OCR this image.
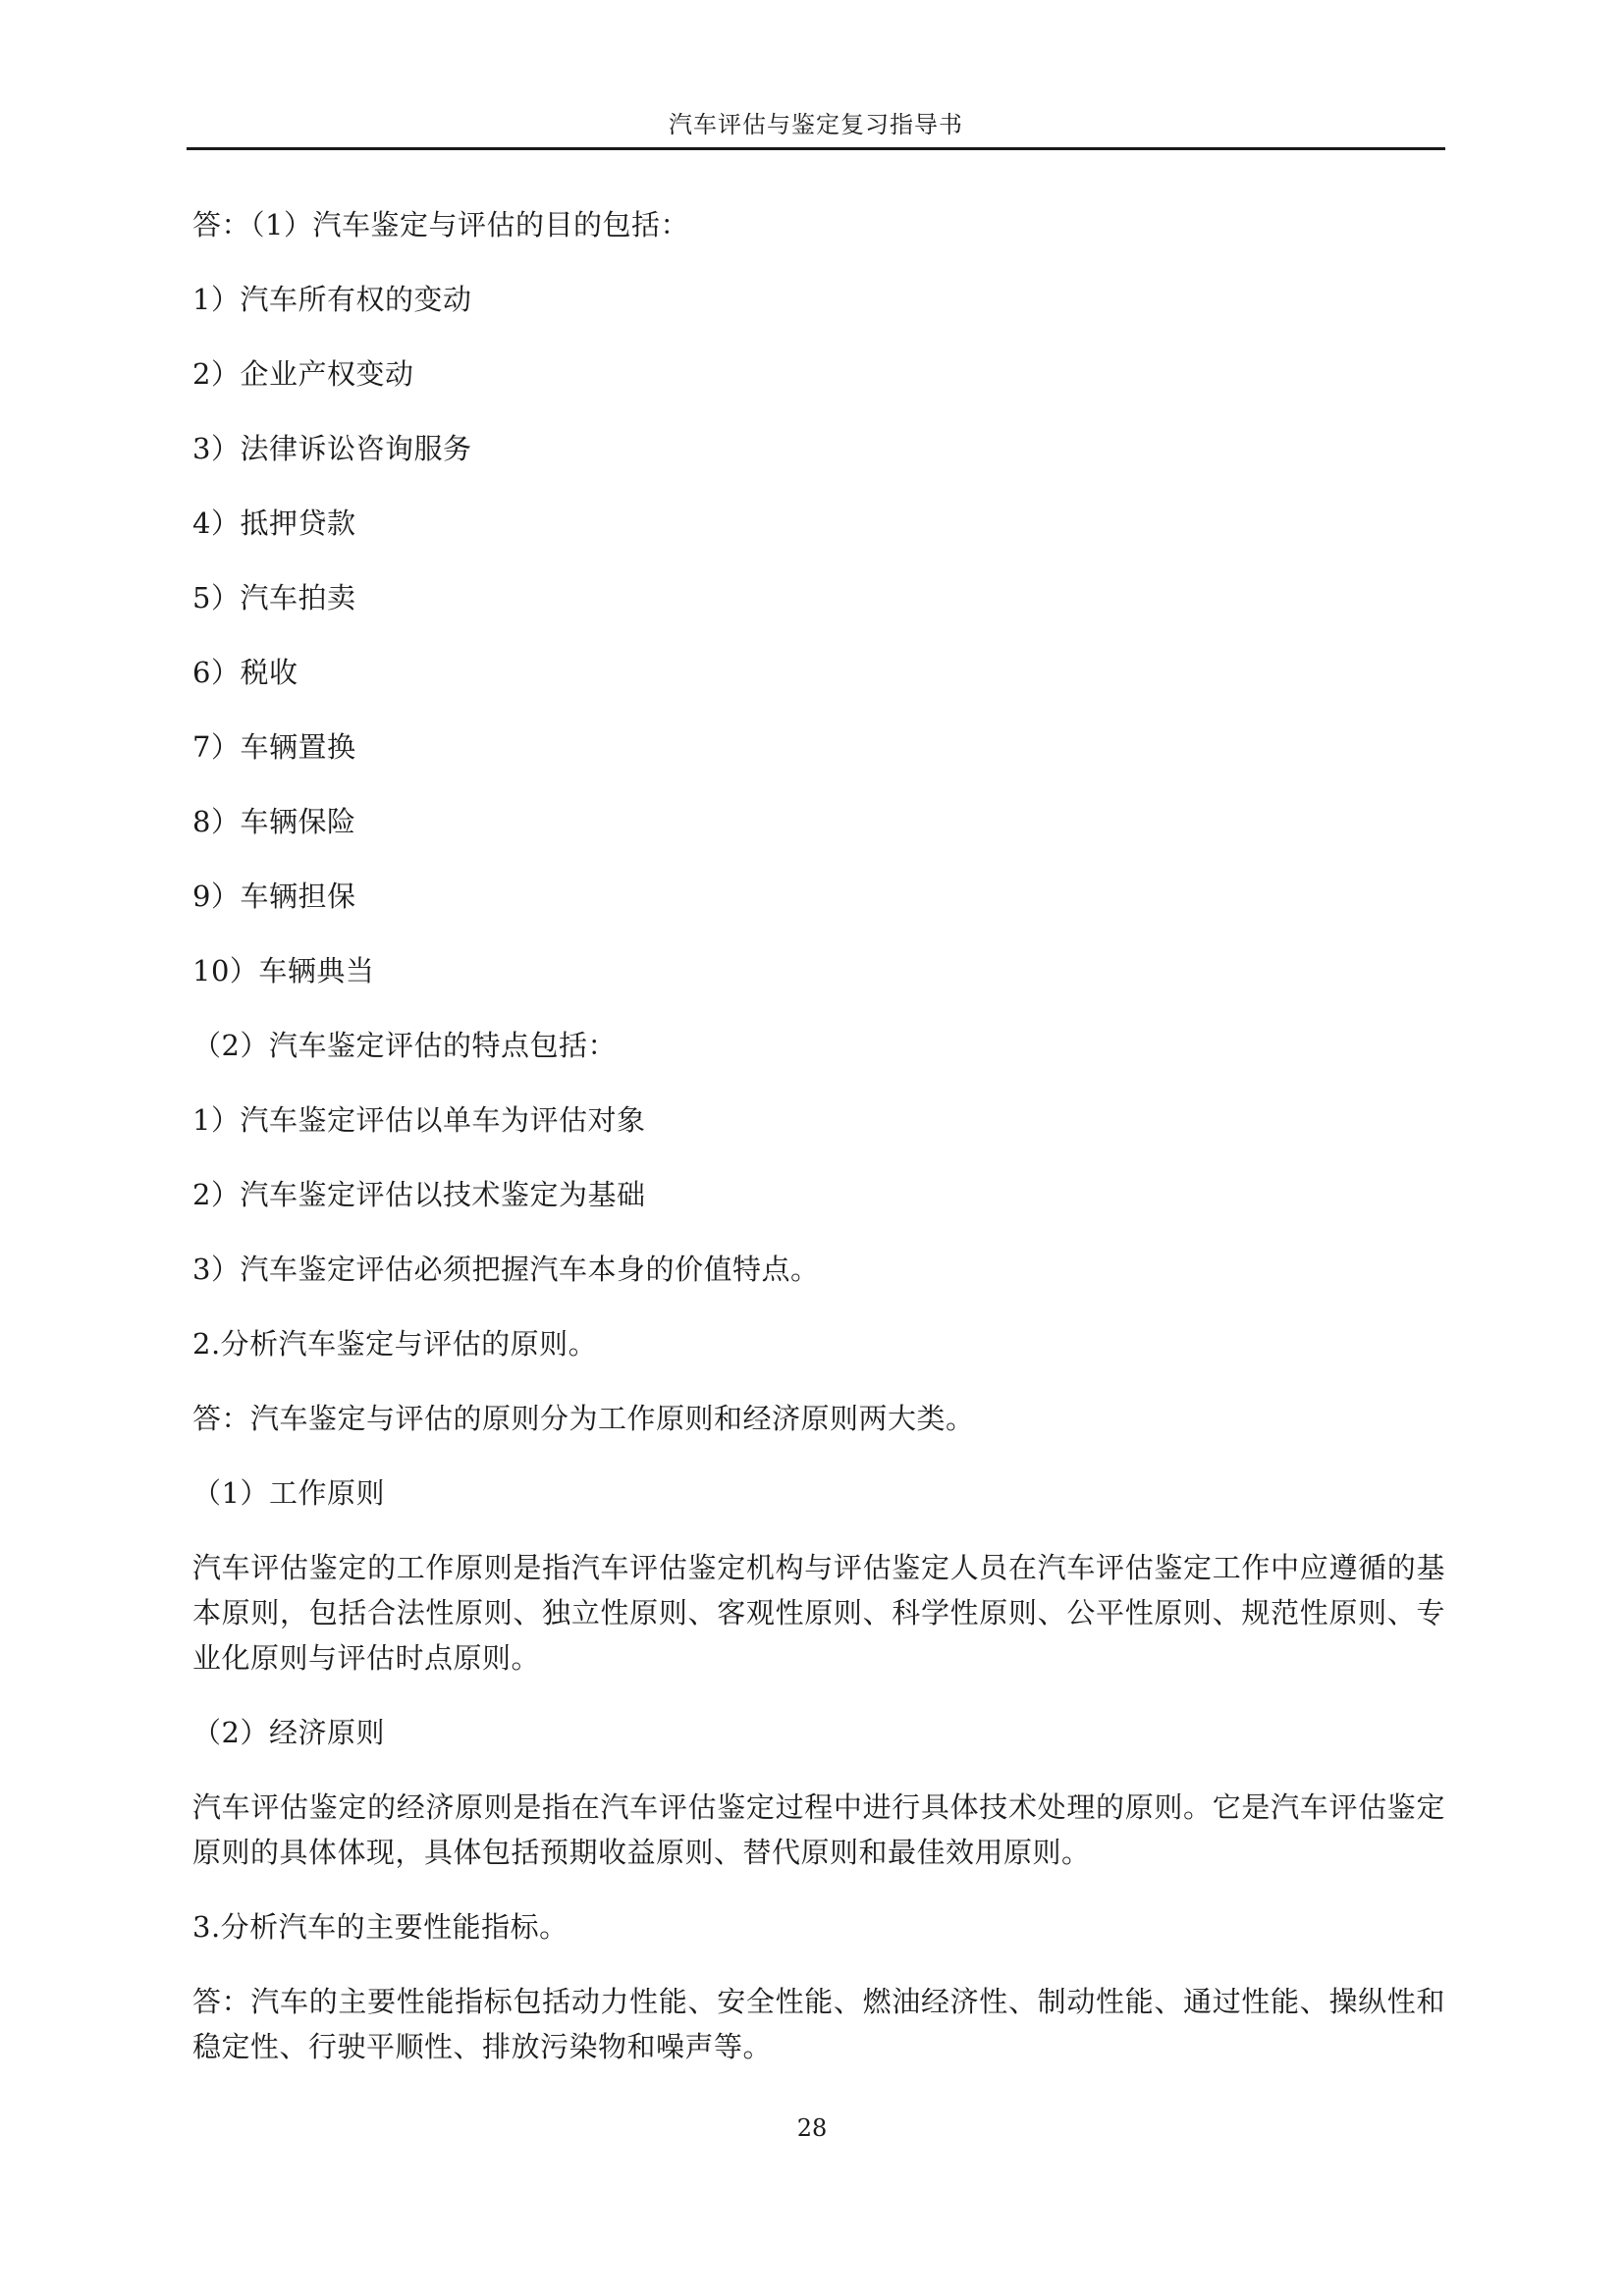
汽车评估与鉴定复习指导书

答：（1）汽车鉴定与评估的目的包括：

1）汽车所有权的变动

2）企业产权变动

3）法律诉讼咨询服务

4）抵押贷款

5）汽车拍卖

6）税收

7）车辆置换

8）车辆保险

9）车辆担保

10）车辆典当

（2）汽车鉴定评估的特点包括：

1）汽车鉴定评估以单车为评估对象

2）汽车鉴定评估以技术鉴定为基础

3）汽车鉴定评估必须把握汽车本身的价值特点。

2.分析汽车鉴定与评估的原则。

答：汽车鉴定与评估的原则分为工作原则和经济原则两大类。

（1）工作原则

汽车评估鉴定的工作原则是指汽车评估鉴定机构与评估鉴定人员在汽车评估鉴定工作中应遵循的基本原则，包括合法性原则、独立性原则、客观性原则、科学性原则、公平性原则、规范性原则、专业化原则与评估时点原则。

（2）经济原则

汽车评估鉴定的经济原则是指在汽车评估鉴定过程中进行具体技术处理的原则。它是汽车评估鉴定原则的具体体现，具体包括预期收益原则、替代原则和最佳效用原则。

3.分析汽车的主要性能指标。

答：汽车的主要性能指标包括动力性能、安全性能、燃油经济性、制动性能、通过性能、操纵性和稳定性、行驶平顺性、排放污染物和噪声等。

28
